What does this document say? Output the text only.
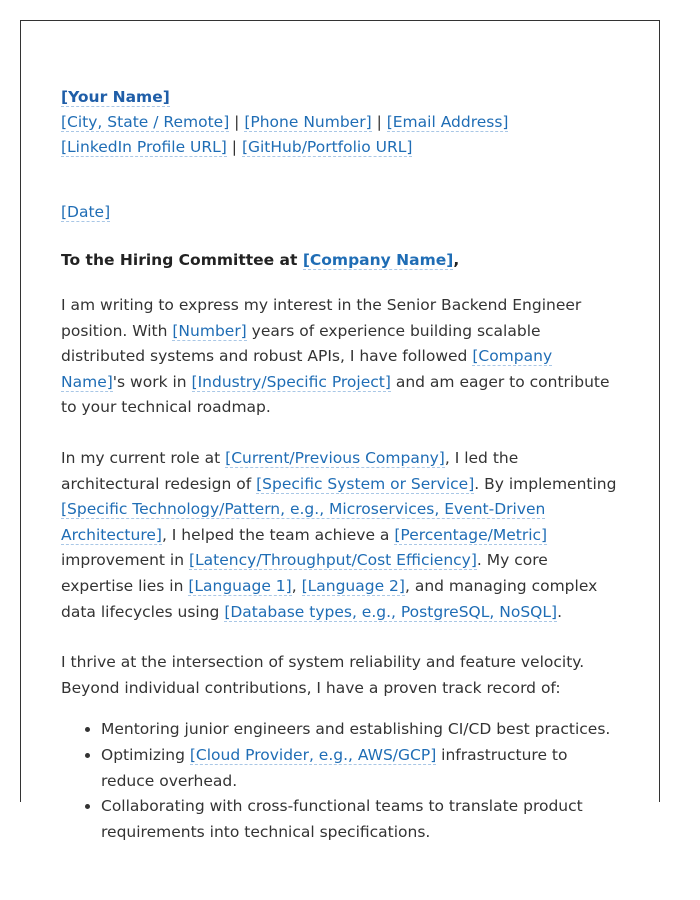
[Your Name]
[City, State / Remote] | [Phone Number] | [Email Address]
[LinkedIn Profile URL] | [GitHub/Portfolio URL]
[Date]
To the Hiring Committee at [Company Name],

I am writing to express my interest in the Senior Backend Engineer position. With [Number] years of experience building scalable distributed systems and robust APIs, I have followed [Company Name]'s work in [Industry/Specific Project] and am eager to contribute to your technical roadmap.

In my current role at [Current/Previous Company], I led the architectural redesign of [Specific System or Service]. By implementing [Specific Technology/Pattern, e.g., Microservices, Event-Driven Architecture], I helped the team achieve a [Percentage/Metric] improvement in [Latency/Throughput/Cost Efficiency]. My core expertise lies in [Language 1], [Language 2], and managing complex data lifecycles using [Database types, e.g., PostgreSQL, NoSQL].

I thrive at the intersection of system reliability and feature velocity. Beyond individual contributions, I have a proven track record of:

• Mentoring junior engineers and establishing CI/CD best practices.
• Optimizing [Cloud Provider, e.g., AWS/GCP] infrastructure to reduce overhead.
• Collaborating with cross-functional teams to translate product requirements into technical specifications.
